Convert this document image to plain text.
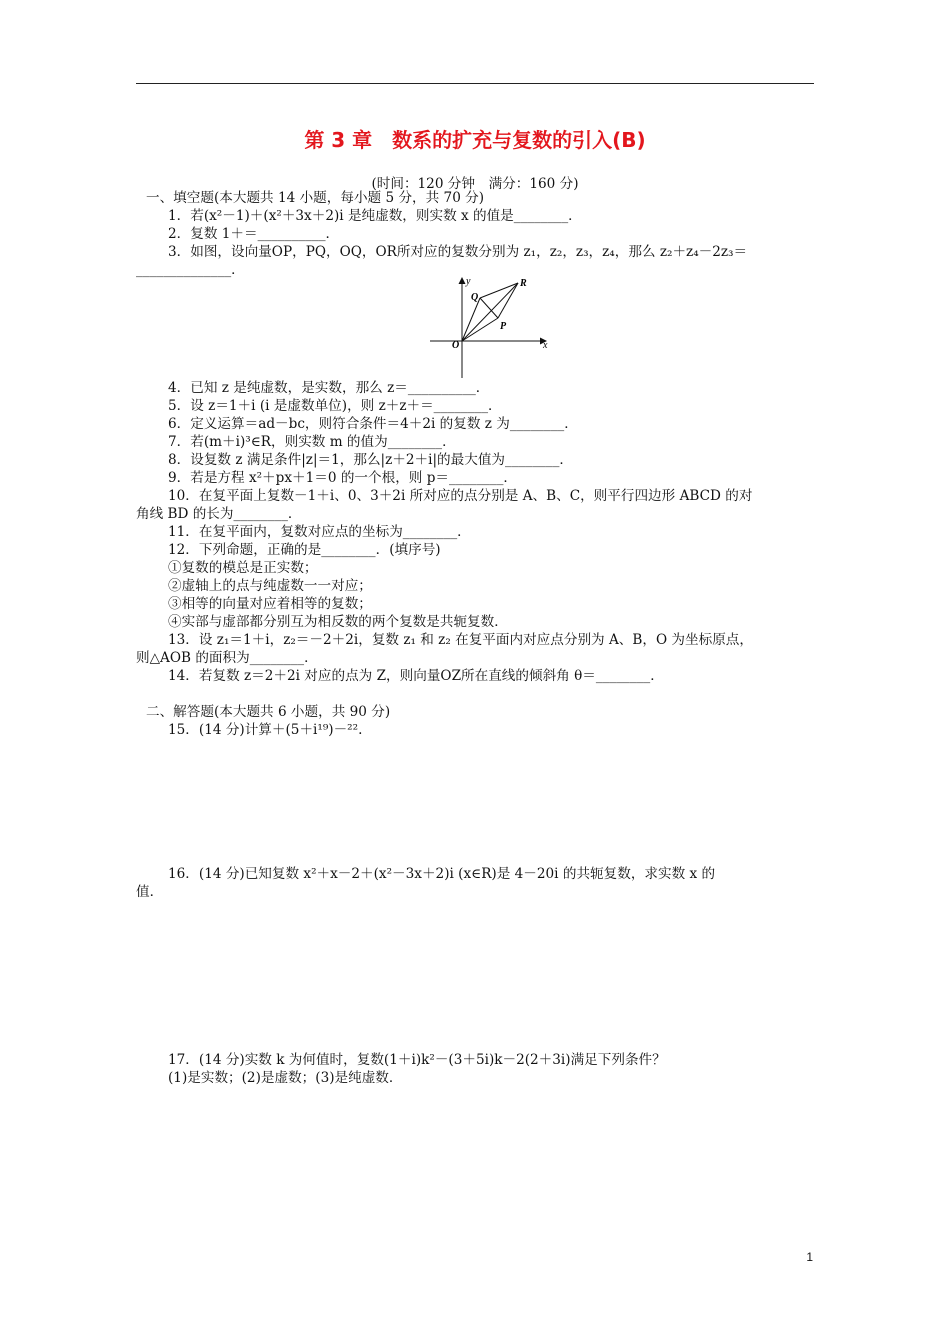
第 3 章　数系的扩充与复数的引入(B)
(时间：120 分钟　满分：160 分)
一、填空题(本大题共 14 小题，每小题 5 分，共 70 分)
1．若(x²－1)＋(x²＋3x＋2)i 是纯虚数，则实数 x 的值是________．
2．复数 1＋＝__________．
3．如图，设向量OP，PQ，OQ，OR所对应的复数分别为 z₁，z₂，z₃，z₄，那么 z₂＋z₄－2z₃＝
______________．
y
x
O
Q
R
P
4．已知 z 是纯虚数，是实数，那么 z＝__________．
5．设 z＝1＋i (i 是虚数单位)，则 z＋z＋＝________．
6．定义运算＝ad－bc，则符合条件＝4＋2i 的复数 z 为________．
7．若(m＋i)³∈R，则实数 m 的值为________．
8．设复数 z 满足条件|z|＝1，那么|z＋2＋i|的最大值为________．
9．若是方程 x²＋px＋1＝0 的一个根，则 p＝________．
10．在复平面上复数－1＋i、0、3＋2i 所对应的点分别是 A、B、C，则平行四边形 ABCD 的对
角线 BD 的长为________．
11．在复平面内，复数对应点的坐标为________．
12．下列命题，正确的是________．(填序号)
①复数的模总是正实数；
②虚轴上的点与纯虚数一一对应；
③相等的向量对应着相等的复数；
④实部与虚部都分别互为相反数的两个复数是共轭复数．
13．设 z₁＝1＋i，z₂＝－2＋2i，复数 z₁ 和 z₂ 在复平面内对应点分别为 A、B，O 为坐标原点，
则△AOB 的面积为________．
14．若复数 z＝2＋2i 对应的点为 Z，则向量OZ所在直线的倾斜角 θ＝________．
二、解答题(本大题共 6 小题，共 90 分)
15．(14 分)计算＋(5＋i¹⁹)－²².
16．(14 分)已知复数 x²＋x－2＋(x²－3x＋2)i (x∈R)是 4－20i 的共轭复数，求实数 x 的
值．
17．(14 分)实数 k 为何值时，复数(1＋i)k²－(3＋5i)k－2(2＋3i)满足下列条件？
(1)是实数；(2)是虚数；(3)是纯虚数．
1
